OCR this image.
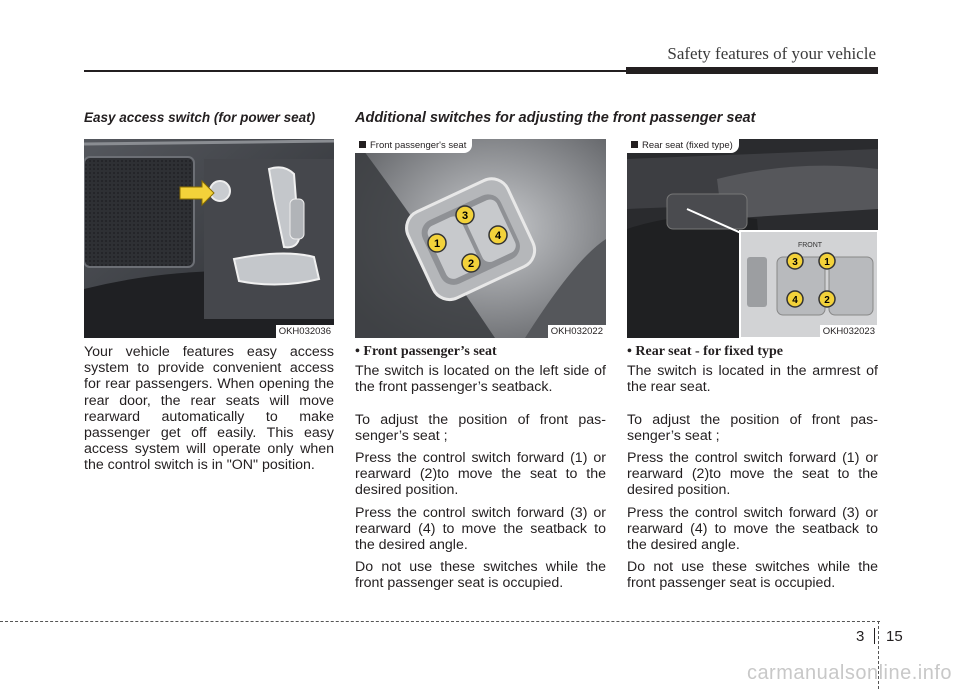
Safety features of your vehicle
Easy access switch (for power seat)	Additional switches for adjusting the front passenger seat
OKH032036
3
4
1
2
Front passenger's seat
OKH032022
FRONT
3	1
4	2
Rear seat (fixed type)
OKH032023

Your vehicle features easy access system to provide convenient access for rear passengers. When opening the rear door, the rear seats will move rearward automatically to make passenger get off easily. This easy access system will operate only when the control switch is in "ON" position.

• Front passenger’s seat

The switch is located on the left side of the front passenger’s seatback.

To adjust the position of front pas-senger’s seat ;

Press the control switch forward (1) or rearward (2)to move the seat to the desired position.

Press the control switch forward (3) or rearward (4) to move the seatback to the desired angle.

Do not use these switches while the front passenger seat is occupied.

• Rear seat - for fixed type

The switch is located in the armrest of the rear seat.

To adjust the position of front pas-senger’s seat ;

Press the control switch forward (1) or rearward (2)to move the seat to the desired position.

Press the control switch forward (3) or rearward (4) to move the seatback to the desired angle.

Do not use these switches while the front passenger seat is occupied.

3 15
carmanualsonline.info
